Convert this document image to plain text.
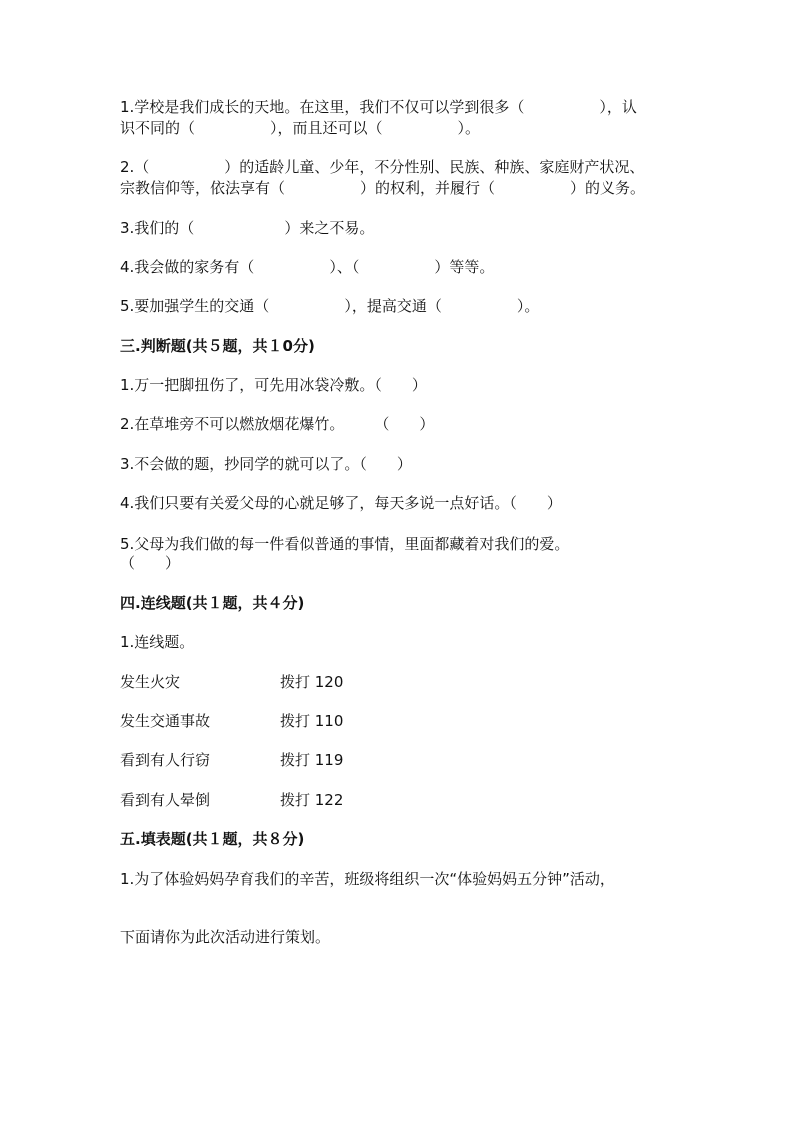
1.学校是我们成长的天地。在这里，我们不仅可以学到很多（　　　　　），认
识不同的（　　　　　），而且还可以（　　　　　）。
2.（　　　　　）的适龄儿童、少年，不分性别、民族、种族、家庭财产状况、
宗教信仰等，依法享有（　　　　　）的权利，并履行（　　　　　）的义务。
3.我们的（　　　　　　）来之不易。
4.我会做的家务有（　　　　　）、（　　　　　）等等。
5.要加强学生的交通（　　　　　），提高交通（　　　　　）。
三.判断题(共５题，共１0分)
1.万一把脚扭伤了，可先用冰袋冷敷。（　　）
2.在草堆旁不可以燃放烟花爆竹。　　　（　　）
3.不会做的题，抄同学的就可以了。（　　）
4.我们只要有关爱父母的心就足够了，每天多说一点好话。（　　）
5.父母为我们做的每一件看似普通的事情，里面都藏着对我们的爱。
（　　）
四.连线题(共１题，共４分)
1.连线题。
发生火灾	拨打 120
发生交通事故	拨打 110
看到有人行窃	拨打 119
看到有人晕倒	拨打 122
五.填表题(共１题，共８分)
1.为了体验妈妈孕育我们的辛苦，班级将组织一次“体验妈妈五分钟”活动，
下面请你为此次活动进行策划。
